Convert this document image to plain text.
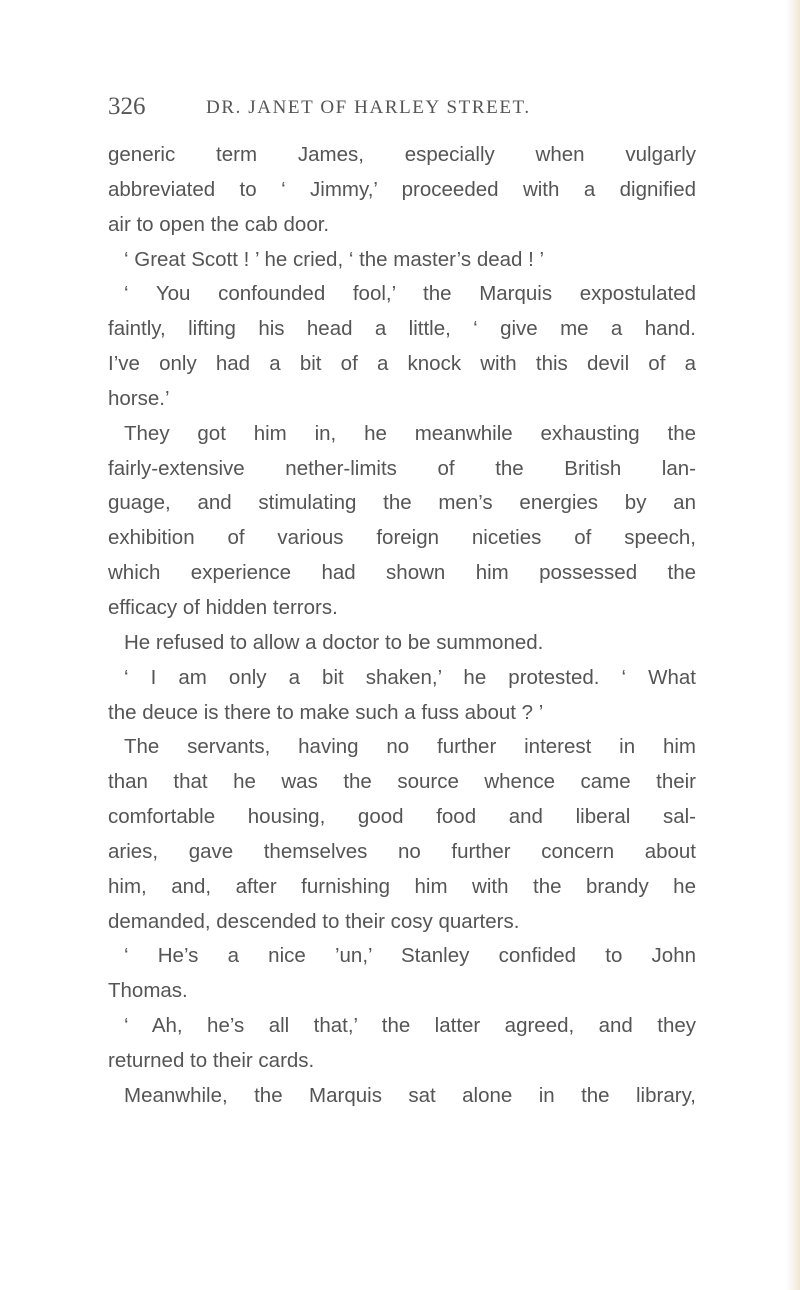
326	DR. JANET OF HARLEY STREET.
generic term James, especially when vulgarly
abbreviated to ‘ Jimmy,’ proceeded with a dignified
air to open the cab door.
‘ Great Scott ! ’ he cried, ‘ the master’s dead ! ’
‘ You confounded fool,’ the Marquis expostulated
faintly, lifting his head a little, ‘ give me a hand.
I’ve only had a bit of a knock with this devil of a
horse.’
They got him in, he meanwhile exhausting the
fairly-extensive nether-limits of the British lan-
guage, and stimulating the men’s energies by an
exhibition of various foreign niceties of speech,
which experience had shown him possessed the
efficacy of hidden terrors.
He refused to allow a doctor to be summoned.
‘ I am only a bit shaken,’ he protested. ‘ What
the deuce is there to make such a fuss about ? ’
The servants, having no further interest in him
than that he was the source whence came their
comfortable housing, good food and liberal sal-
aries, gave themselves no further concern about
him, and, after furnishing him with the brandy he
demanded, descended to their cosy quarters.
‘ He’s a nice ’un,’ Stanley confided to John
Thomas.
‘ Ah, he’s all that,’ the latter agreed, and they
returned to their cards.
Meanwhile, the Marquis sat alone in the library,
